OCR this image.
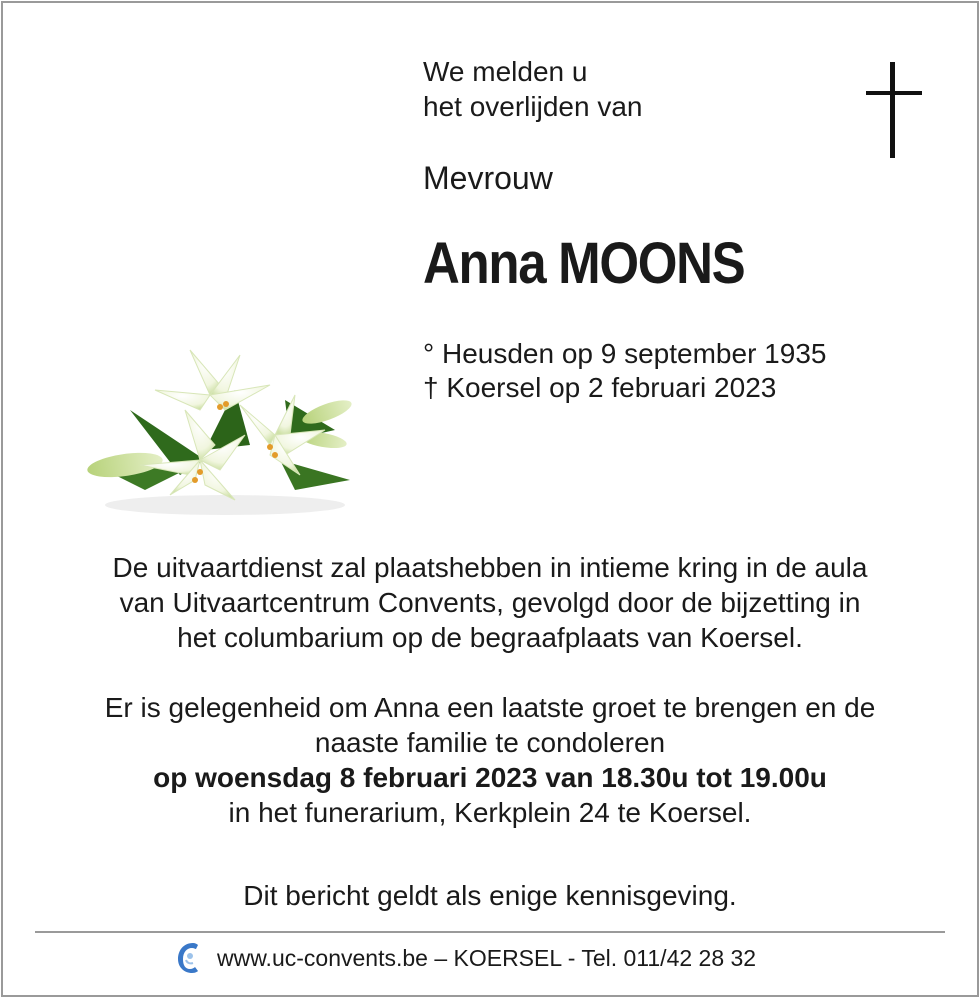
We melden u
het overlijden van
Mevrouw
Anna MOONS
° Heusden op 9 september 1935
† Koersel op 2 februari 2023
De uitvaartdienst zal plaatshebben in intieme kring in de aula
van Uitvaartcentrum Convents, gevolgd door de bijzetting in
het columbarium op de begraafplaats van Koersel.
Er is gelegenheid om Anna een laatste groet te brengen en de
naaste familie te condoleren
op woensdag 8 februari 2023 van 18.30u tot 19.00u
in het funerarium, Kerkplein 24 te Koersel.
Dit bericht geldt als enige kennisgeving.
www.uc-convents.be – KOERSEL - Tel. 011/42 28 32
